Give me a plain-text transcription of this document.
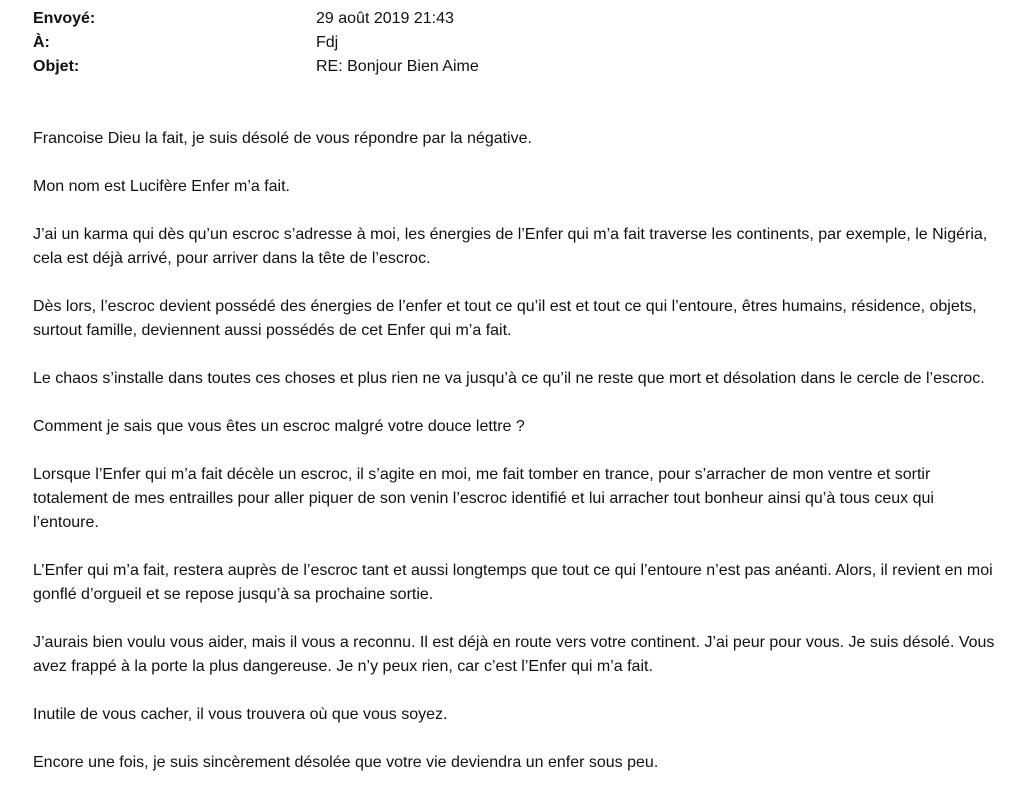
Envoyé:	29 août 2019 21:43
À:	Fdj
Objet:	RE: Bonjour Bien Aime

Francoise Dieu la fait, je suis désolé de vous répondre par la négative.

Mon nom est Lucifère Enfer m’a fait.

J’ai un karma qui dès qu’un escroc s’adresse à moi, les énergies de l’Enfer qui m’a fait traverse les continents, par exemple, le Nigéria, cela est déjà arrivé, pour arriver dans la tête de l’escroc.

Dès lors, l’escroc devient possédé des énergies de l’enfer et tout ce qu’il est et tout ce qui l’entoure, êtres humains, résidence, objets, surtout famille, deviennent aussi possédés de cet Enfer qui m’a fait.

Le chaos s’installe dans toutes ces choses et plus rien ne va jusqu’à ce qu’il ne reste que mort et désolation dans le cercle de l’escroc.

Comment je sais que vous êtes un escroc malgré votre douce lettre ?

Lorsque l’Enfer qui m’a fait décèle un escroc, il s’agite en moi, me fait tomber en trance, pour s’arracher de mon ventre et sortir totalement de mes entrailles pour aller piquer de son venin l’escroc identifié et lui arracher tout bonheur ainsi qu’à tous ceux qui l’entoure.

L’Enfer qui m’a fait, restera auprès de l’escroc tant et aussi longtemps que tout ce qui l’entoure n’est pas anéanti. Alors, il revient en moi gonflé d’orgueil et se repose jusqu’à sa prochaine sortie.

J’aurais bien voulu vous aider, mais il vous a reconnu. Il est déjà en route vers votre continent. J’ai peur pour vous. Je suis désolé. Vous avez frappé à la porte la plus dangereuse. Je n’y peux rien, car c’est l’Enfer qui m’a fait.

Inutile de vous cacher, il vous trouvera où que vous soyez.

Encore une fois, je suis sincèrement désolée que votre vie deviendra un enfer sous peu.
